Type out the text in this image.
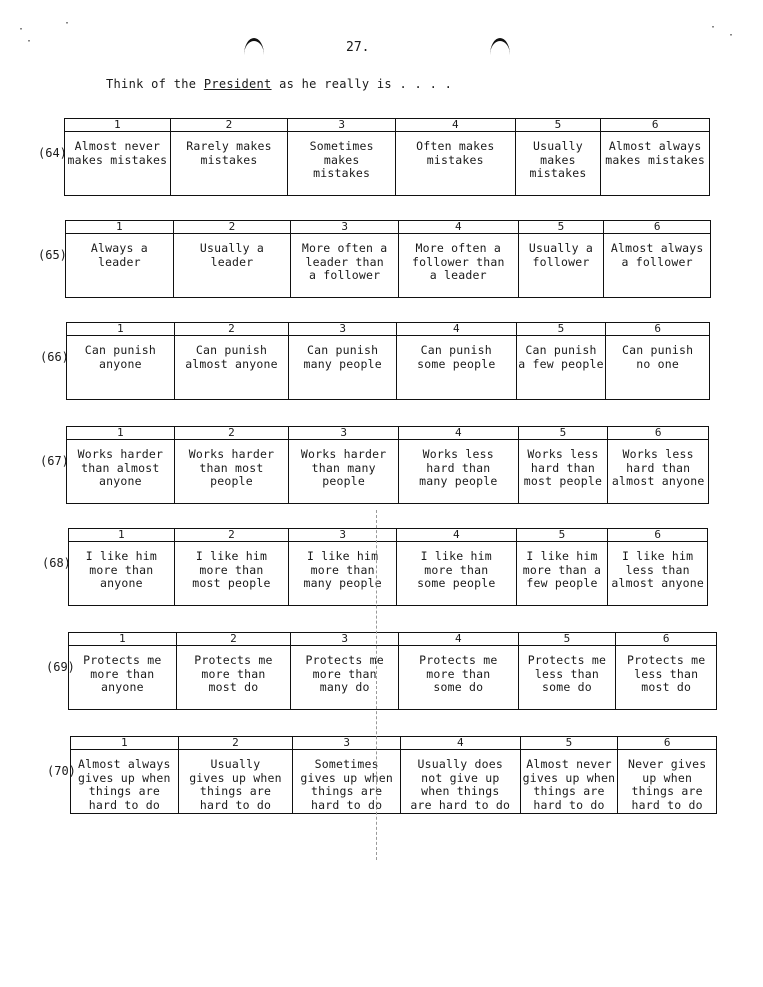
·
·
·	·
·
27.
Think of the President as he really is . . . .
(64)
1
Almost never
makes mistakes
2
Rarely makes
mistakes
3
Sometimes
makes
mistakes
4
Often makes
mistakes
5
Usually
makes
mistakes
6
Almost always
makes mistakes
(65)
1
Always a
leader
2
Usually a
leader
3
More often a
leader than
a follower
4
More often a
follower than
a leader
5
Usually a
follower
6
Almost always
a follower
(66)
1
Can punish
anyone
2
Can punish
almost anyone
3
Can punish
many people
4
Can punish
some people
5
Can punish
a few people
6
Can punish
no one
(67)
1
Works harder
than almost
anyone
2
Works harder
than most
people
3
Works harder
than many
people
4
Works less
hard than
many people
5
Works less
hard than
most people
6
Works less
hard than
almost anyone
(68)
1
I like him
more than
anyone
2
I like him
more than
most people
3
I like him
more than
many people
4
I like him
more than
some people
5
I like him
more than a
few people
6
I like him
less than
almost anyone
(69)
1
Protects me
more than
anyone
2
Protects me
more than
most do
3
Protects me
more than
many do
4
Protects me
more than
some do
5
Protects me
less than
some do
6
Protects me
less than
most do
(70)
1
Almost always
gives up when
things are
hard to do
2
Usually
gives up when
things are
hard to do
3
Sometimes
gives up when
things are
hard to do
4
Usually does
not give up
when things
are hard to do
5
Almost never
gives up when
things are
hard to do
6
Never gives
up when
things are
hard to do
